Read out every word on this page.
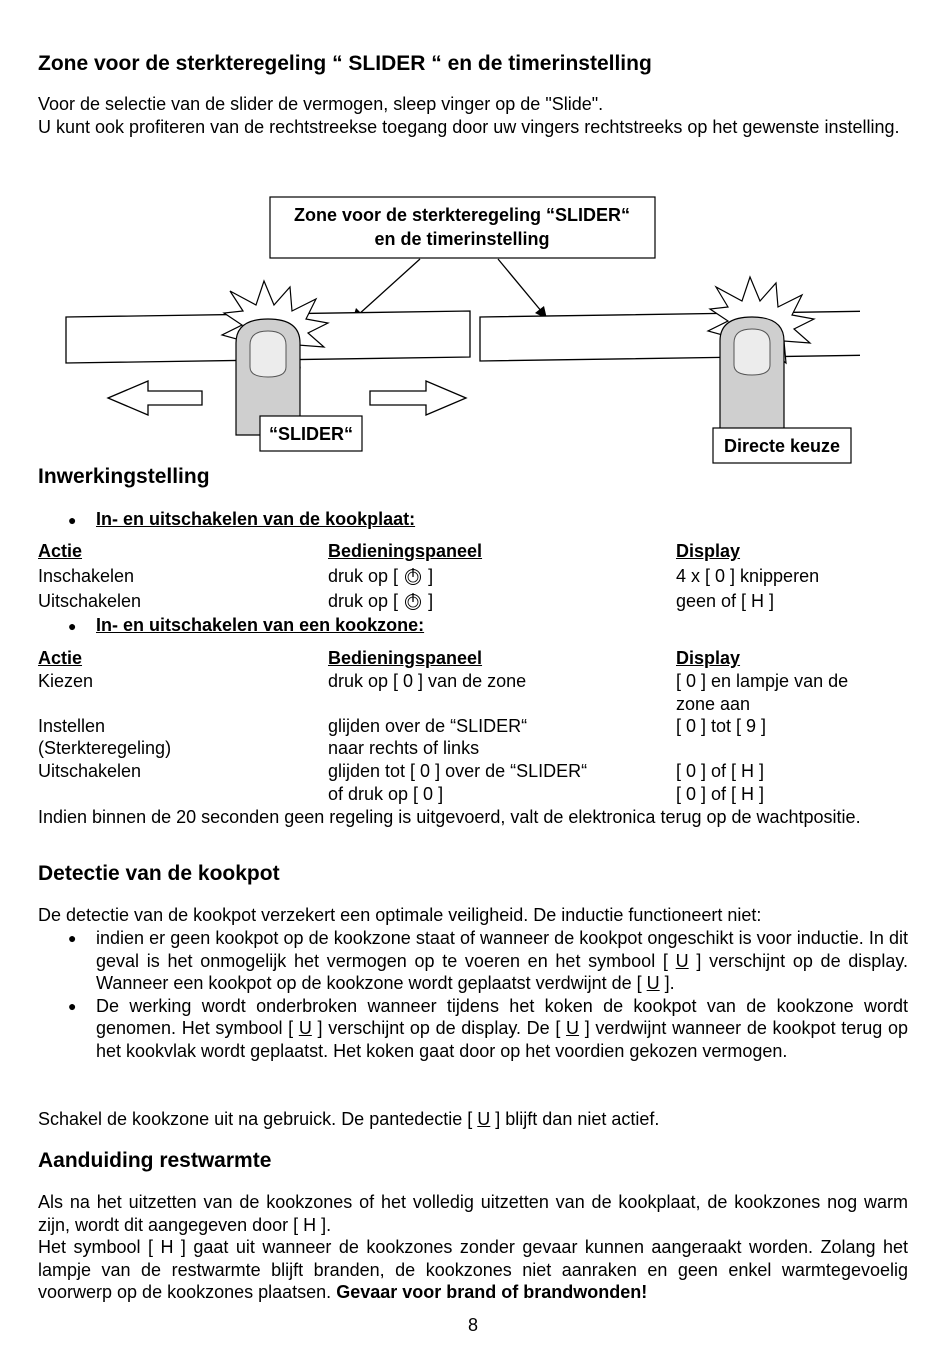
Zone voor de sterkteregeling “ SLIDER “ en de timerinstelling

Voor de selectie van de slider de vermogen, sleep vinger op de "Slide".
U kunt ook profiteren van de rechtstreekse toegang door uw vingers rechtstreeks op het gewenste instelling.

Zone voor de sterkteregeling “SLIDER“
en de timerinstelling
“SLIDER“
Directe keuze
Inwerkingstelling
● In- en uitschakelen van de kookplaat:
Actie	Bedieningspaneel	Display
Inschakelen	druk op [ ]	4 x [ 0 ] knipperen
Uitschakelen	druk op [ ]	geen of [ H ]
● In- en uitschakelen van een kookzone:
Actie	Bedieningspaneel	Display
Kiezen	druk op [ 0 ] van de zone	[ 0 ] en lampje van de
zone aan
Instellen	glijden over de “SLIDER“	[ 0 ] tot [ 9 ]
(Sterkteregeling)	naar rechts of links
Uitschakelen	glijden tot [ 0 ] over de “SLIDER“	[ 0 ] of [ H ]
of druk op [ 0 ]	[ 0 ] of [ H ]

Indien binnen de 20 seconden geen regeling is uitgevoerd, valt de elektronica terug op de wachtpositie.

Detectie van de kookpot

De detectie van de kookpot verzekert een optimale veiligheid. De inductie functioneert niet:

● indien er geen kookpot op de kookzone staat of wanneer de kookpot ongeschikt is voor inductie. In dit geval is het onmogelijk het vermogen op te voeren en het symbool [ U ] verschijnt op de display. Wanneer een kookpot op de kookzone wordt geplaatst verdwijnt de [ U ].
● De werking wordt onderbroken wanneer tijdens het koken de kookpot van de kookzone wordt genomen. Het symbool [ U ] verschijnt op de display. De [ U ] verdwijnt wanneer de kookpot terug op het kookvlak wordt geplaatst. Het koken gaat door op het voordien gekozen vermogen.

Schakel de kookzone uit na gebruick. De pantedectie [ U ] blijft dan niet actief.

Aanduiding restwarmte

Als na het uitzetten van de kookzones of het volledig uitzetten van de kookplaat, de kookzones nog warm zijn, wordt dit aangegeven door [ H ].

Het symbool [ H ] gaat uit wanneer de kookzones zonder gevaar kunnen aangeraakt worden. Zolang het lampje van de restwarmte blijft branden, de kookzones niet aanraken en geen enkel warmtegevoelig voorwerp op de kookzones plaatsen. Gevaar voor brand of brandwonden!

8
